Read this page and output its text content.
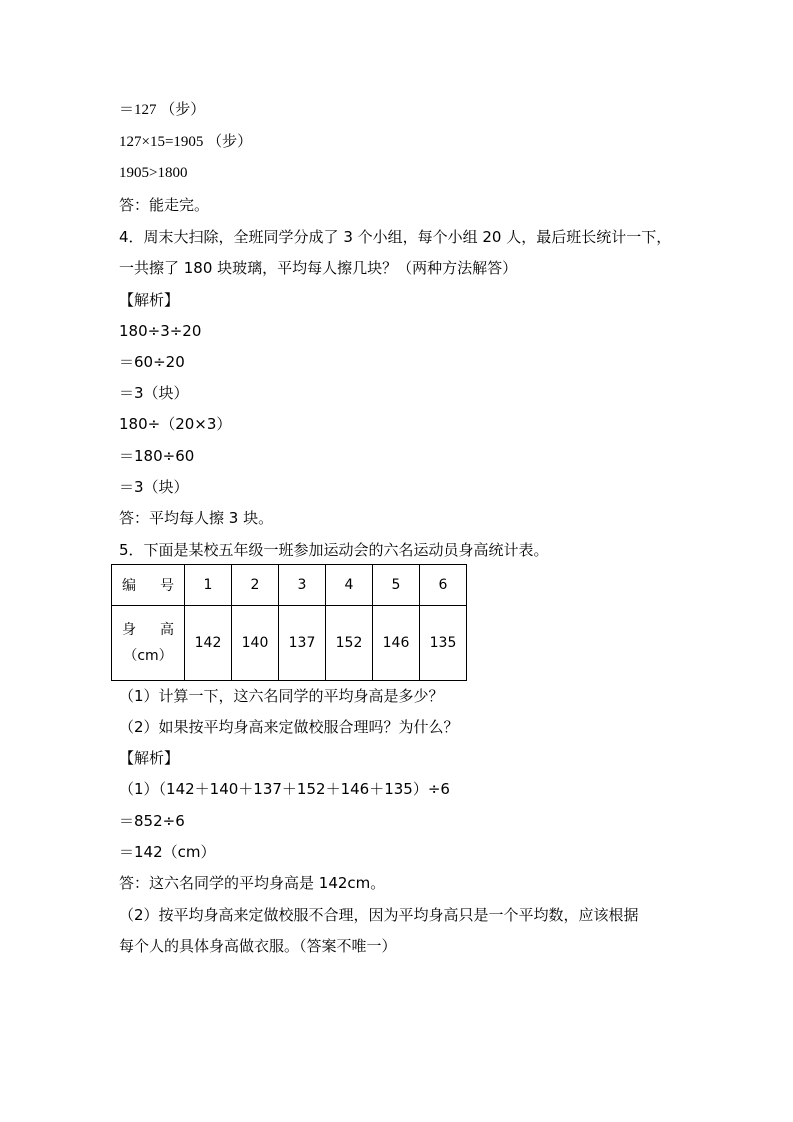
＝127 （步）
127×15=1905 （步）
1905>1800
答：能走完。
4．周末大扫除，全班同学分成了 3 个小组，每个小组 20 人，最后班长统计一下，
一共擦了 180 块玻璃，平均每人擦几块？（两种方法解答）
【解析】
180÷3÷20
＝60÷20
＝3（块）
180÷（20×3）
＝180÷60
＝3（块）
答：平均每人擦 3 块。
5．下面是某校五年级一班参加运动会的六名运动员身高统计表。
编 号	1	2	3	4	5	6

身 高
（cm）	142	140	137	152	146	135
（1）计算一下，这六名同学的平均身高是多少？
（2）如果按平均身高来定做校服合理吗？为什么？
【解析】
（1）（142＋140＋137＋152＋146＋135）÷6
＝852÷6
＝142（cm）
答：这六名同学的平均身高是 142cm。
（2）按平均身高来定做校服不合理，因为平均身高只是一个平均数，应该根据
每个人的具体身高做衣服。（答案不唯一）
